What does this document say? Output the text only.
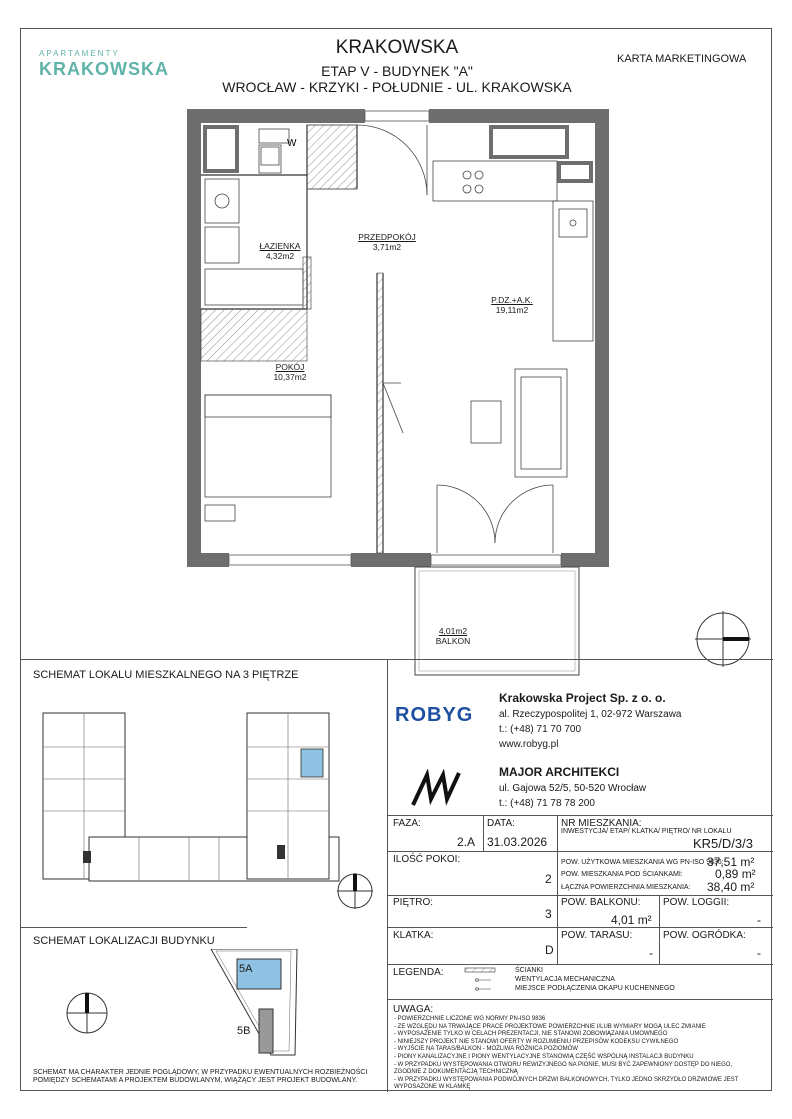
APARTAMENTY
KRAKOWSKA
KRAKOWSKA
ETAP V - BUDYNEK "A"
WROCŁAW - KRZYKI - POŁUDNIE - UL. KRAKOWSKA
KARTA MARKETINGOWA
W
ŁAZIENKA
4,32m2
PRZEDPOKÓJ
3,71m2
P.DZ.+A.K.
19,11m2
POKÓJ
10,37m2
4,01m2
BALKON
SCHEMAT LOKALU MIESZKALNEGO NA 3 PIĘTRZE
SCHEMAT LOKALIZACJI BUDYNKU
5A
5B
SCHEMAT MA CHARAKTER JEDNIE POGLĄDOWY, W PRZYPADKU EWENTUALNYCH ROZBIEŻNOŚCI POMIĘDZY SCHEMATAMI A PROJEKTEM BUDOWLANYM, WIĄŻĄCY JEST PROJEKT BUDOWLANY.
ROBYG
Krakowska Project Sp. z o. o.
al. Rzeczypospolitej 1, 02-972 Warszawa
t.: (+48) 71 70 700
www.robyg.pl
MAJOR ARCHITEKCI
ul. Gajowa 52/5, 50-520 Wrocław
t.: (+48) 71 78 78 200
FAZA:
2.A
DATA:
31.03.2026
NR MIESZKANIA:
INWESTYCJA/ ETAP/ KLATKA/ PIĘTRO/ NR LOKALU
KR5/D/3/3
ILOŚĆ POKOI:
2
POW. UŻYTKOWA MIESZKANIA WG PN-ISO 9836:
37,51 m²
POW. MIESZKANIA POD ŚCIANKAMI:	0,89 m²
ŁĄCZNA POWIERZCHNIA MIESZKANIA: 38,40 m²
PIĘTRO:
3
POW. BALKONU:
4,01 m²
POW. LOGGII:
-
KLATKA:
D
POW. TARASU:
-
POW. OGRÓDKA:
-
LEGENDA:	ŚCIANKI
WENTYLACJA MECHANICZNA
MIEJSCE PODŁĄCZENIA OKAPU KUCHENNEGO
UWAGA:
- POWIERZCHNIE LICZONE WG NORMY PN-ISO 9836
- ZE WZGLĘDU NA TRWAJĄCE PRACE PROJEKTOWE POWIERZCHNIE I/LUB WYMIARY MOGĄ ULEC ZMIANIE
- WYPOSAŻENIE TYLKO W CELACH PREZENTACJI, NIE STANOWI ZOBOWIĄZANIA UMOWNEGO
- NINIEJSZY PROJEKT NIE STANOWI OFERTY W ROZUMIENIU PRZEPISÓW KODEKSU CYWILNEGO
- WYJŚCIE NA TARAS/BALKON - MOŻLIWA RÓŻNICA POZIOMÓW
- PIONY KANALIZACYJNE I PIONY WENTYLACYJNE STANOWIĄ CZĘŚĆ WSPÓLNĄ INSTALACJI BUDYNKU
- W PRZYPADKU WYSTĘPOWANIA OTWORU REWIZYJNEGO NA PIONIE, MUSI BYĆ ZAPEWNIONY DOSTĘP DO NIEGO, ZGODNIE Z DOKUMENTACJĄ TECHNICZNĄ
- W PRZYPADKU WYSTĘPOWANIA PODWÓJNYCH DRZWI BALKONOWYCH, TYLKO JEDNO SKRZYDŁO DRZWIOWE JEST WYPOSAŻONE W KLAMKĘ
